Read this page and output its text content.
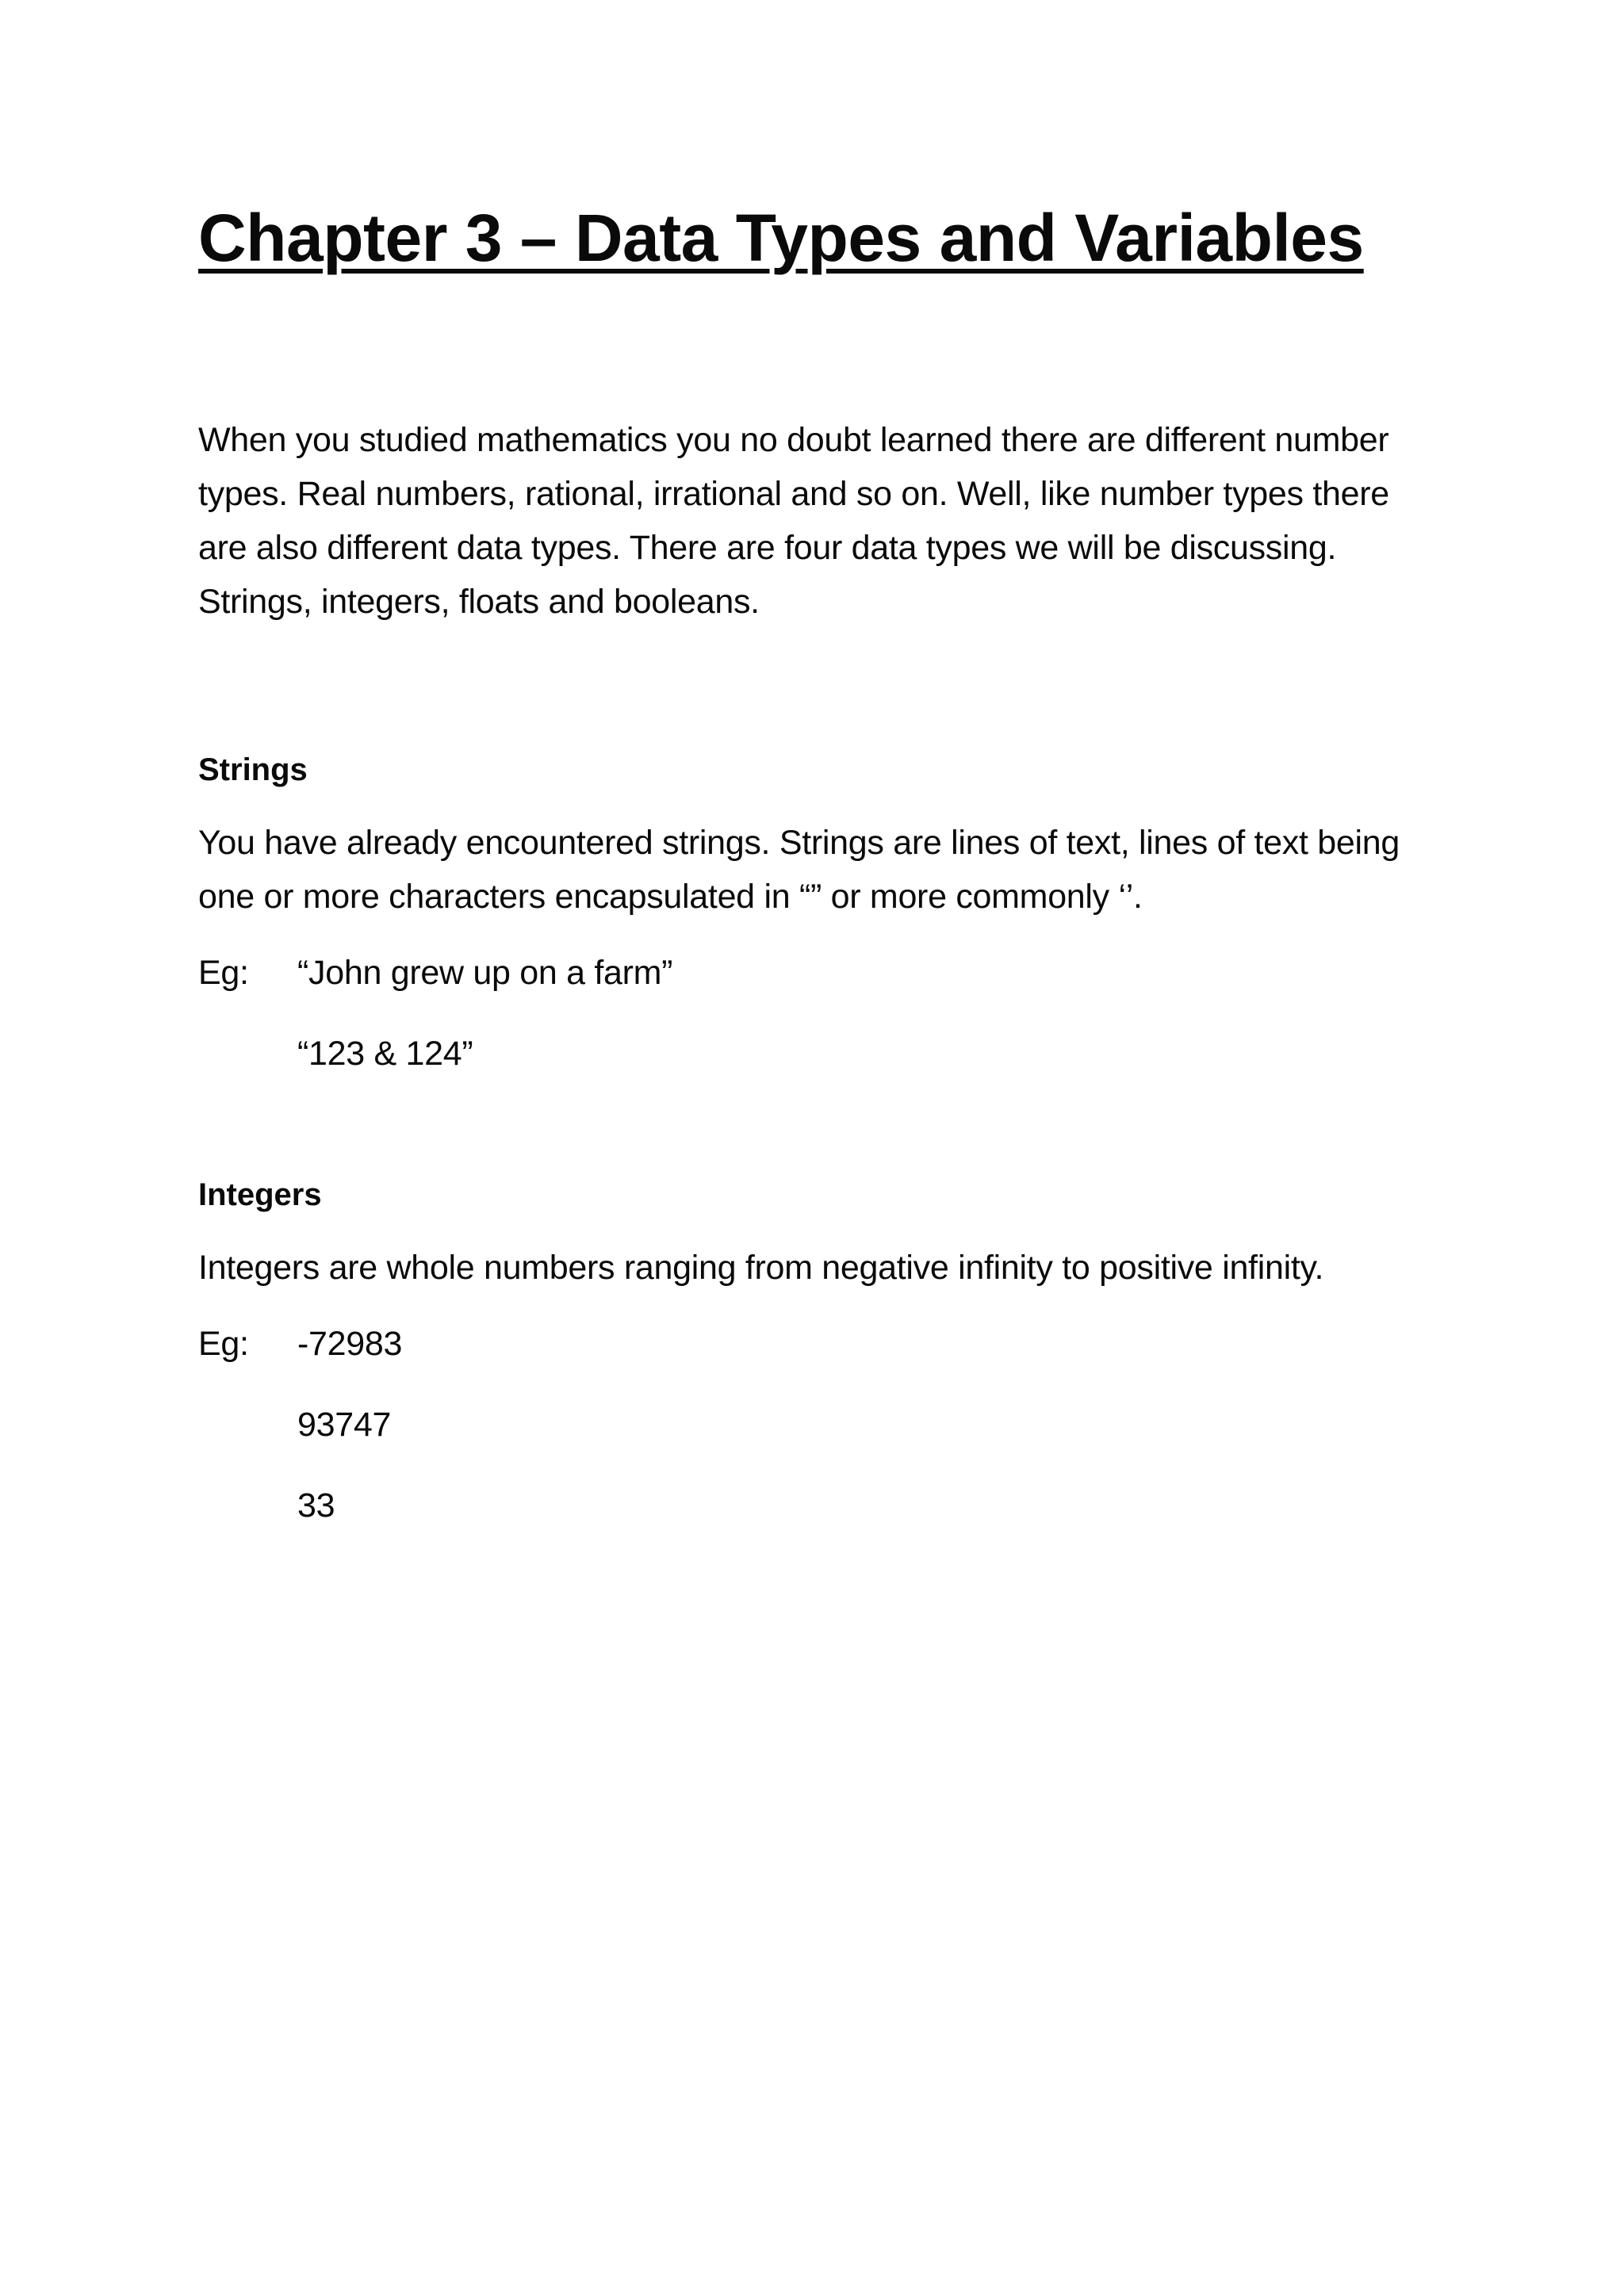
Chapter 3 – Data Types and Variables

When you studied mathematics you no doubt learned there are different number types. Real numbers, rational, irrational and so on. Well, like number types there are also different data types. There are four data types we will be discussing. Strings, integers, floats and booleans.

Strings

You have already encountered strings. Strings are lines of text, lines of text being one or more characters encapsulated in “” or more commonly ‘’.

Eg:	“John grew up on a farm”
“123 & 124”
Integers

Integers are whole numbers ranging from negative infinity to positive infinity.

Eg:	-72983
93747
33
